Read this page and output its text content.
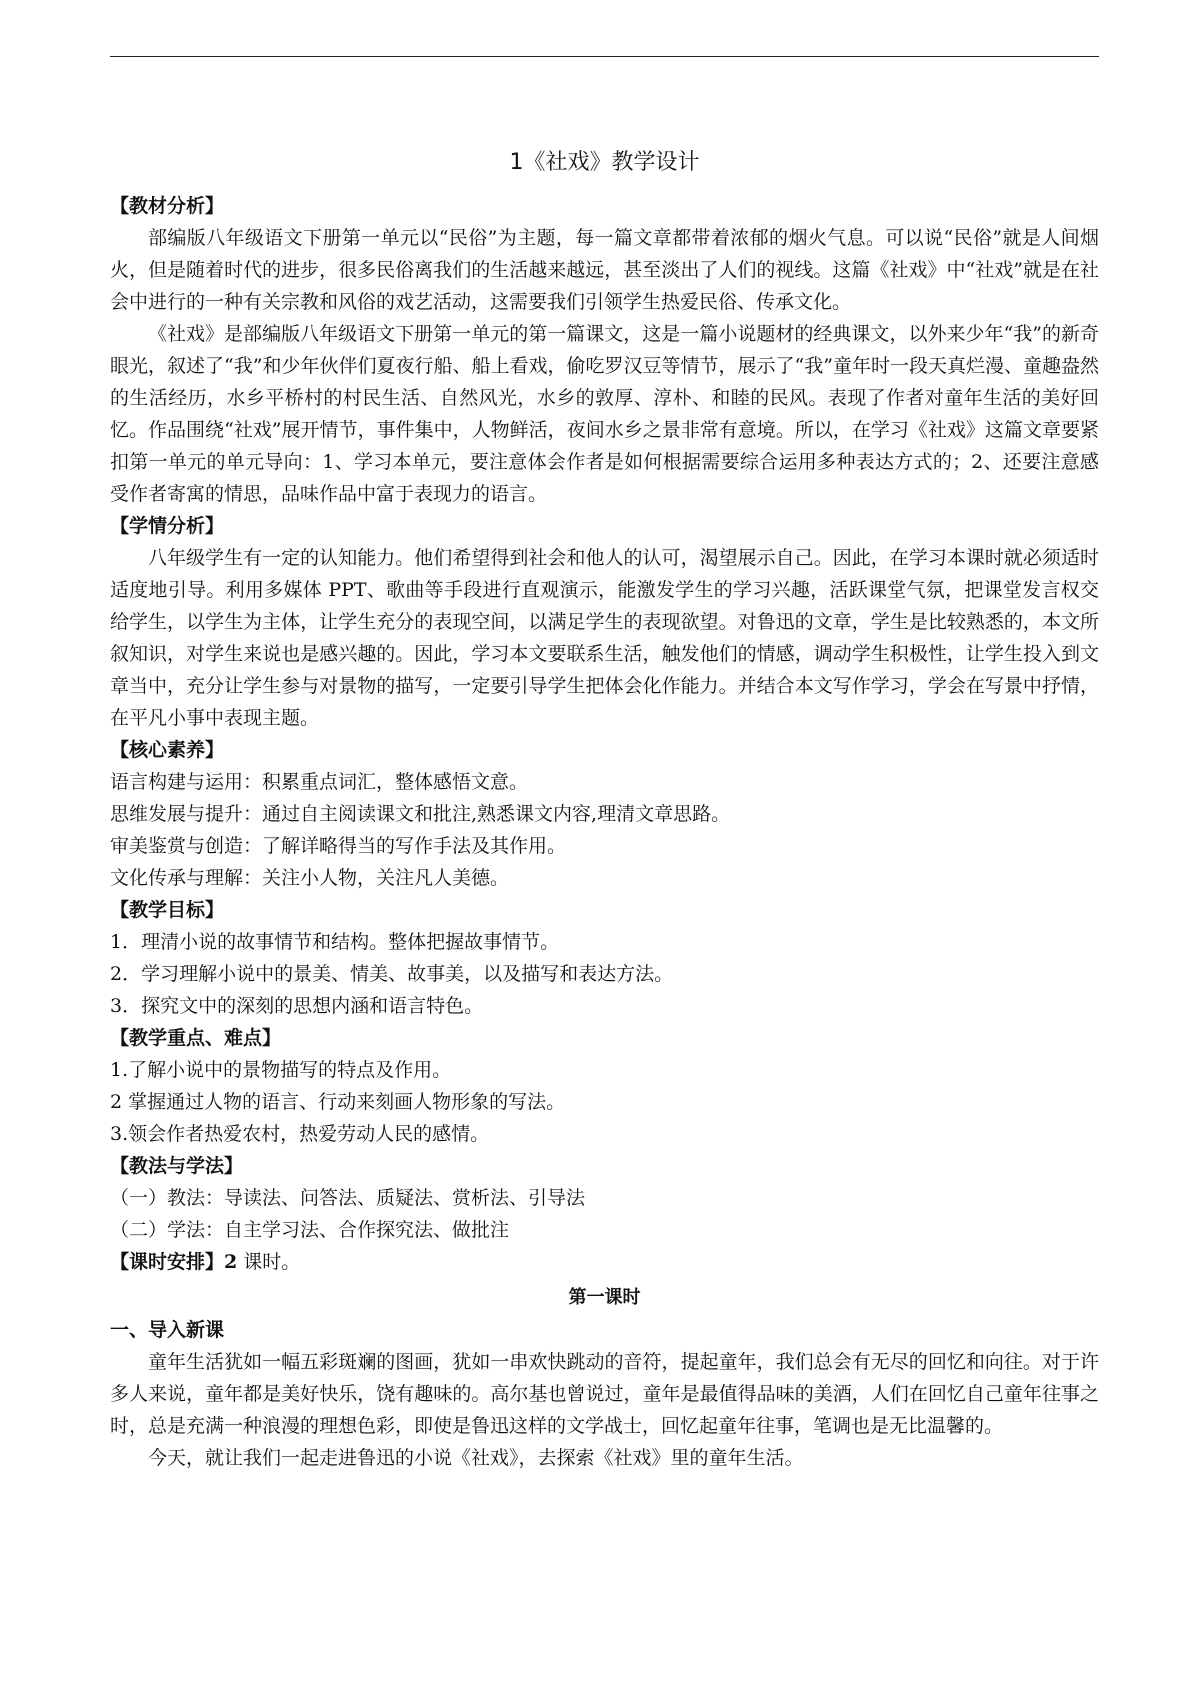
1《社戏》教学设计

【教材分析】

部编版八年级语文下册第一单元以“民俗”为主题，每一篇文章都带着浓郁的烟火气息。可以说“民俗”就是人间烟火，但是随着时代的进步，很多民俗离我们的生活越来越远，甚至淡出了人们的视线。这篇《社戏》中“社戏”就是在社会中进行的一种有关宗教和风俗的戏艺活动，这需要我们引领学生热爱民俗、传承文化。

《社戏》是部编版八年级语文下册第一单元的第一篇课文，这是一篇小说题材的经典课文，以外来少年“我”的新奇眼光，叙述了“我”和少年伙伴们夏夜行船、船上看戏，偷吃罗汉豆等情节，展示了“我”童年时一段天真烂漫、童趣盎然的生活经历，水乡平桥村的村民生活、自然风光，水乡的敦厚、淳朴、和睦的民风。表现了作者对童年生活的美好回忆。作品围绕“社戏”展开情节，事件集中，人物鲜活，夜间水乡之景非常有意境。所以，在学习《社戏》这篇文章要紧扣第一单元的单元导向：1、学习本单元，要注意体会作者是如何根据需要综合运用多种表达方式的；2、还要注意感受作者寄寓的情思，品味作品中富于表现力的语言。

【学情分析】

八年级学生有一定的认知能力。他们希望得到社会和他人的认可，渴望展示自己。因此，在学习本课时就必须适时适度地引导。利用多媒体 PPT、歌曲等手段进行直观演示，能激发学生的学习兴趣，活跃课堂气氛，把课堂发言权交给学生，以学生为主体，让学生充分的表现空间，以满足学生的表现欲望。对鲁迅的文章，学生是比较熟悉的，本文所叙知识，对学生来说也是感兴趣的。因此，学习本文要联系生活，触发他们的情感，调动学生积极性，让学生投入到文章当中，充分让学生参与对景物的描写，一定要引导学生把体会化作能力。并结合本文写作学习，学会在写景中抒情，在平凡小事中表现主题。

【核心素养】

语言构建与运用：积累重点词汇，整体感悟文意。

思维发展与提升：通过自主阅读课文和批注,熟悉课文内容,理清文章思路。

审美鉴赏与创造：了解详略得当的写作手法及其作用。

文化传承与理解：关注小人物，关注凡人美德。

【教学目标】

1．理清小说的故事情节和结构。整体把握故事情节。

2．学习理解小说中的景美、情美、故事美，以及描写和表达方法。

3．探究文中的深刻的思想内涵和语言特色。

【教学重点、难点】

1.了解小说中的景物描写的特点及作用。

2 掌握通过人物的语言、行动来刻画人物形象的写法。

3.领会作者热爱农村，热爱劳动人民的感情。

【教法与学法】

（一）教法：导读法、问答法、质疑法、赏析法、引导法

（二）学法：自主学习法、合作探究法、做批注

【课时安排】2 课时。

第一课时

一、导入新课

童年生活犹如一幅五彩斑斓的图画，犹如一串欢快跳动的音符，提起童年，我们总会有无尽的回忆和向往。对于许多人来说，童年都是美好快乐，饶有趣味的。高尔基也曾说过，童年是最值得品味的美酒，人们在回忆自己童年往事之时，总是充满一种浪漫的理想色彩，即使是鲁迅这样的文学战士，回忆起童年往事，笔调也是无比温馨的。

今天，就让我们一起走进鲁迅的小说《社戏》，去探索《社戏》里的童年生活。
